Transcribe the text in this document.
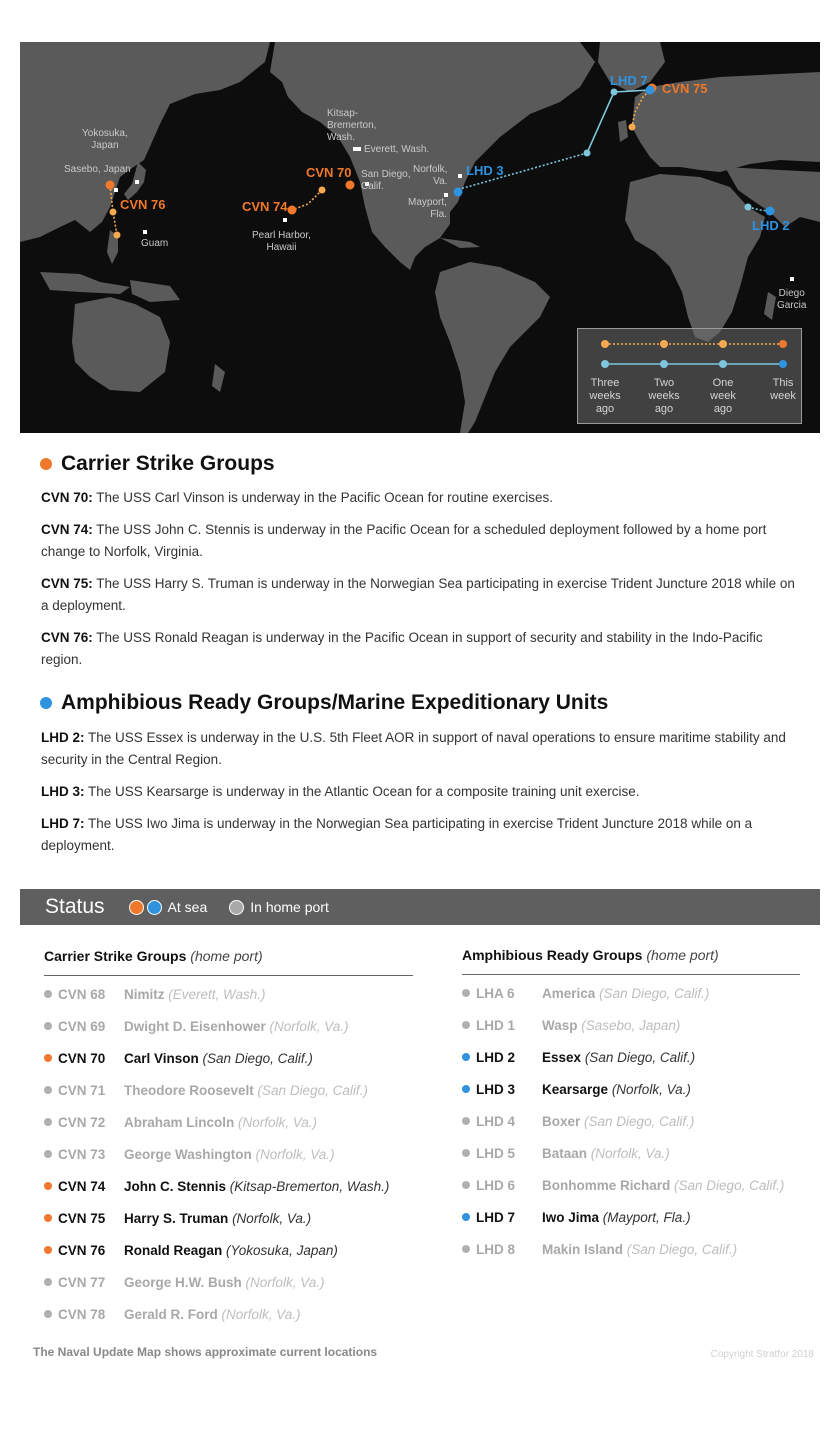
Yokosuka,
Japan
Sasebo, Japan
Guam
Pearl Harbor,
Hawaii
Kitsap-
Bremerton,
Wash.
Everett, Wash.
San Diego,
Calif.
Norfolk,
Va.
Mayport,
Fla.
Diego
Garcia
CVN 76	CVN 74
CVN 70
CVN 75
LHD 7
LHD 3
LHD 2
Three
weeks
ago
Two
weeks
ago
One
week
ago
This
week
Carrier Strike Groups
CVN 70: The USS Carl Vinson is underway in the Pacific Ocean for routine exercises.
CVN 74: The USS John C. Stennis is underway in the Pacific Ocean for a scheduled deployment followed by a home port change to Norfolk, Virginia.
CVN 75: The USS Harry S. Truman is underway in the Norwegian Sea participating in exercise Trident Juncture 2018 while on a deployment.
CVN 76: The USS Ronald Reagan is underway in the Pacific Ocean in support of security and stability in the Indo-Pacific region.
Amphibious Ready Groups/Marine Expeditionary Units
LHD 2: The USS Essex is underway in the U.S. 5th Fleet AOR in support of naval operations to ensure maritime stability and security in the Central Region.
LHD 3: The USS Kearsarge is underway in the Atlantic Ocean for a composite training unit exercise.
LHD 7: The USS Iwo Jima is underway in the Norwegian Sea participating in exercise Trident Juncture 2018 while on a deployment.
Status	At sea	In home port
Carrier Strike Groups (home port)	Amphibious Ready Groups (home port)
CVN 68 Nimitz (Everett, Wash.)
CVN 69 Dwight D. Eisenhower (Norfolk, Va.)
CVN 70 Carl Vinson (San Diego, Calif.)
CVN 71 Theodore Roosevelt (San Diego, Calif.)
CVN 72 Abraham Lincoln (Norfolk, Va.)
CVN 73 George Washington (Norfolk, Va.)
CVN 74 John C. Stennis (Kitsap-Bremerton, Wash.)
CVN 75 Harry S. Truman (Norfolk, Va.)
CVN 76 Ronald Reagan (Yokosuka, Japan)
CVN 77 George H.W. Bush (Norfolk, Va.)
CVN 78 Gerald R. Ford (Norfolk, Va.)
LHA 6 America (San Diego, Calif.)
LHD 1 Wasp (Sasebo, Japan)
LHD 2 Essex (San Diego, Calif.)
LHD 3 Kearsarge (Norfolk, Va.)
LHD 4 Boxer (San Diego, Calif.)
LHD 5 Bataan (Norfolk, Va.)
LHD 6 Bonhomme Richard (San Diego, Calif.)
LHD 7 Iwo Jima (Mayport, Fla.)
LHD 8 Makin Island (San Diego, Calif.)
The Naval Update Map shows approximate current locations	Copyright Stratfor 2018
